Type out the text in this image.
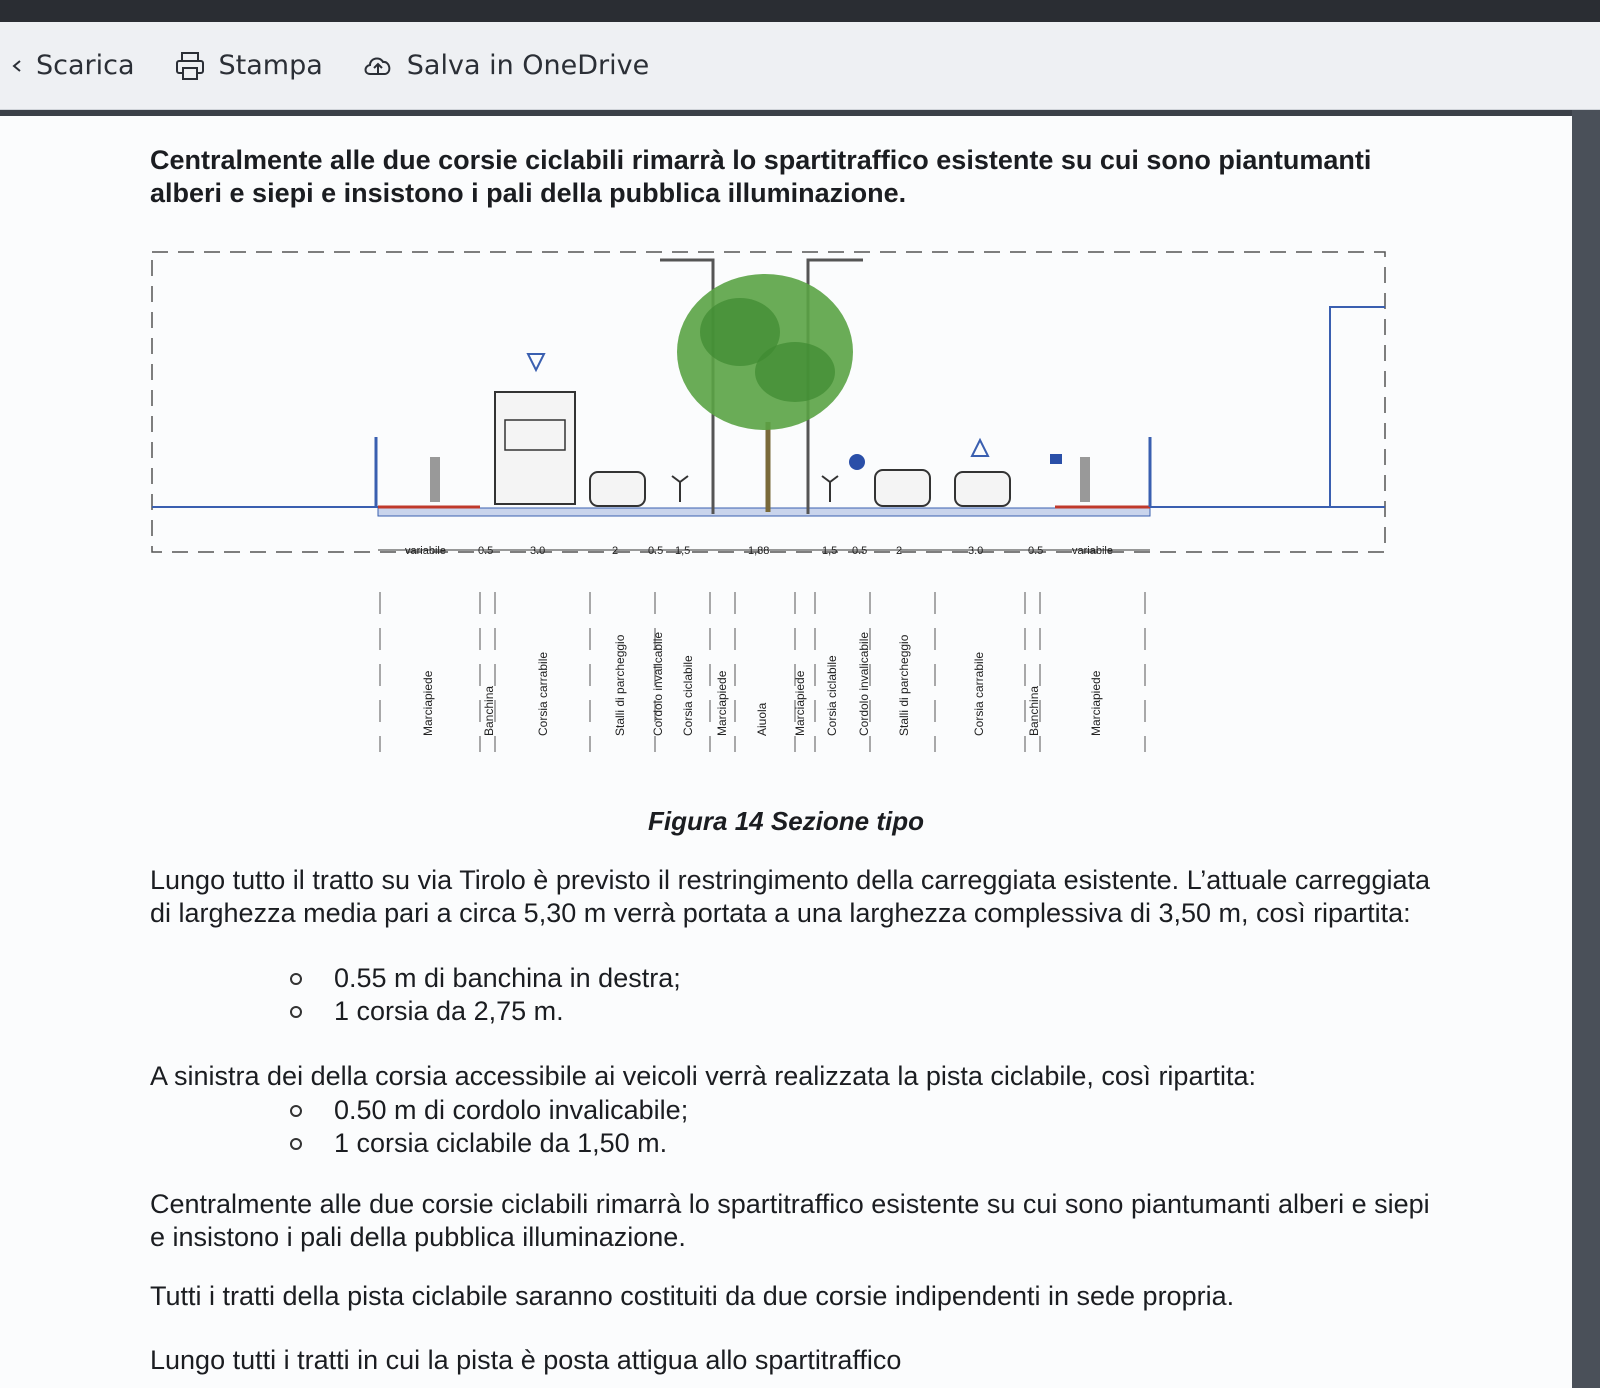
Scarica	Stampa	Salva in OneDrive

Centralmente alle due corsie ciclabili rimarrà lo spartitraffico esistente su cui sono piantumanti alberi e siepi e insistono i pali della pubblica illuminazione.

variabile	0.5	3.0	2	0.5 1,5	1,88	1,5 0.5	2	3.0	0.5	variabile
Marciapiede	Banchina	Corsia carrabile	Stalli di parcheggio Cordolo invalicabile Corsia ciclabile Marciapiede Aiuola Marciapiede Corsia ciclabile Cordolo invalicabile Stalli di parcheggio	Corsia carrabile	Banchina	Marciapiede
Figura 14 Sezione tipo

Lungo tutto il tratto su via Tirolo è previsto il restringimento della carreggiata esistente. L’attuale carreggiata di larghezza media pari a circa 5,30 m verrà portata a una larghezza complessiva di 3,50 m, così ripartita:

0.55 m di banchina in destra;
1 corsia da 2,75 m.

A sinistra dei della corsia accessibile ai veicoli verrà realizzata la pista ciclabile, così ripartita:

0.50 m di cordolo invalicabile;
1 corsia ciclabile da 1,50 m.

Centralmente alle due corsie ciclabili rimarrà lo spartitraffico esistente su cui sono piantumanti alberi e siepi e insistono i pali della pubblica illuminazione.

Tutti i tratti della pista ciclabile saranno costituiti da due corsie indipendenti in sede propria.

Lungo tutti i tratti in cui la pista è posta attigua allo spartitraffico
